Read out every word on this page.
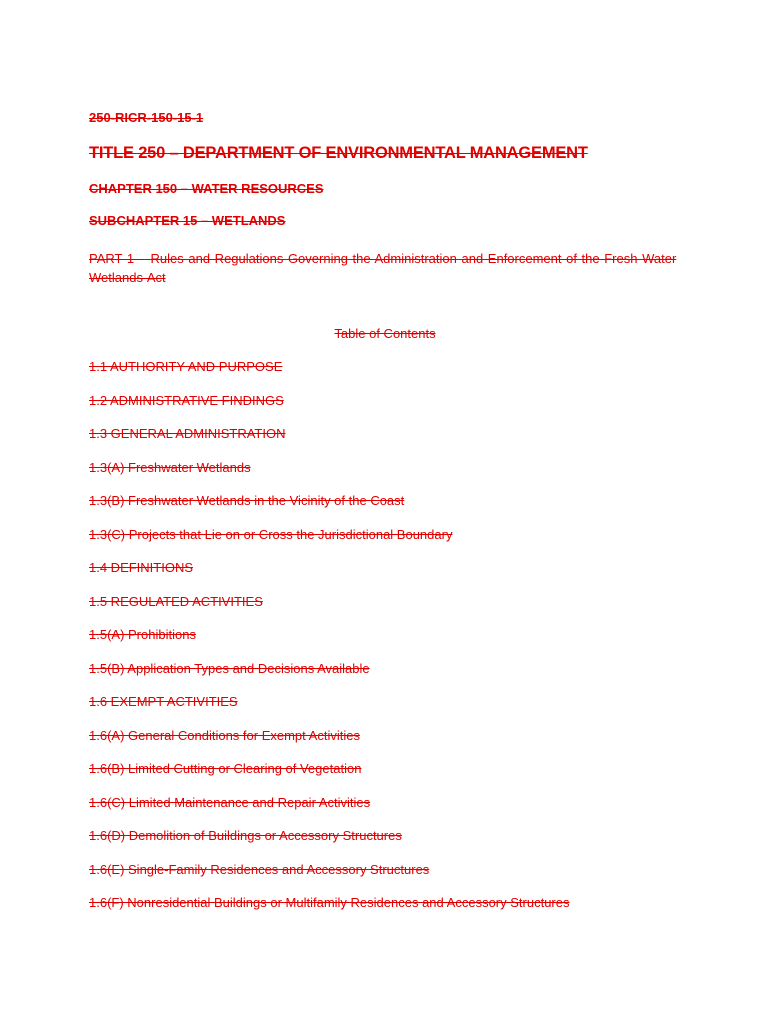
250-RICR-150-15-1

TITLE 250 – DEPARTMENT OF ENVIRONMENTAL MANAGEMENT

CHAPTER 150 – WATER RESOURCES

SUBCHAPTER 15 – WETLANDS

PART 1 – Rules and Regulations Governing the Administration and Enforcement of the Fresh Water Wetlands Act

Table of Contents

1.1 AUTHORITY AND PURPOSE
1.2 ADMINISTRATIVE FINDINGS
1.3 GENERAL ADMINISTRATION
1.3(A) Freshwater Wetlands
1.3(B) Freshwater Wetlands in the Vicinity of the Coast
1.3(C) Projects that Lie on or Cross the Jurisdictional Boundary
1.4 DEFINITIONS
1.5 REGULATED ACTIVITIES
1.5(A) Prohibitions
1.5(B) Application Types and Decisions Available
1.6 EXEMPT ACTIVITIES
1.6(A) General Conditions for Exempt Activities
1.6(B) Limited Cutting or Clearing of Vegetation
1.6(C) Limited Maintenance and Repair Activities
1.6(D) Demolition of Buildings or Accessory Structures
1.6(E) Single-Family Residences and Accessory Structures
1.6(F) Nonresidential Buildings or Multifamily Residences and Accessory Structures
